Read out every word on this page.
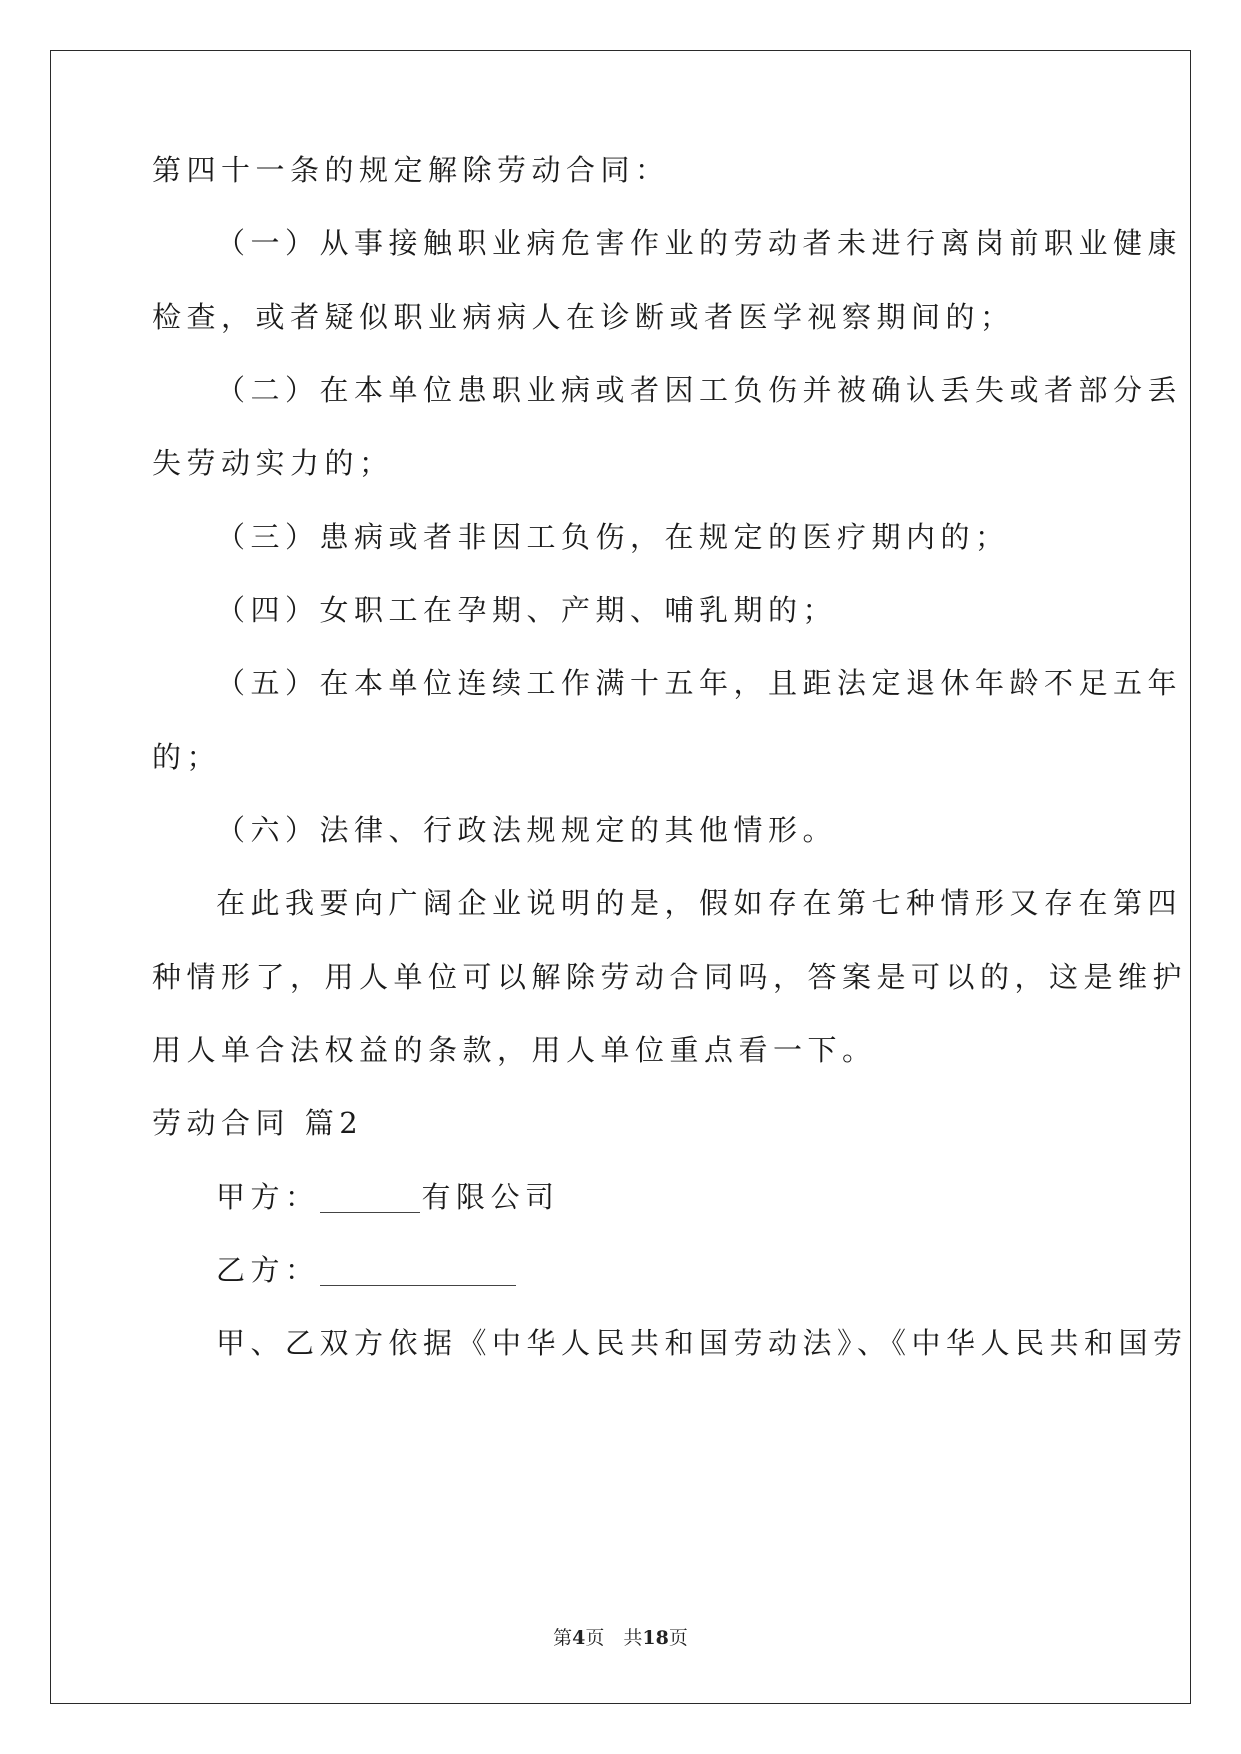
第四十一条的规定解除劳动合同：
（一）从事接触职业病危害作业的劳动者未进行离岗前职业健康
检查，或者疑似职业病病人在诊断或者医学视察期间的；
（二）在本单位患职业病或者因工负伤并被确认丢失或者部分丢
失劳动实力的；
（三）患病或者非因工负伤，在规定的医疗期内的；
（四）女职工在孕期、产期、哺乳期的；
（五）在本单位连续工作满十五年，且距法定退休年龄不足五年
的；
（六）法律、行政法规规定的其他情形。
在此我要向广阔企业说明的是，假如存在第七种情形又存在第四
种情形了，用人单位可以解除劳动合同吗，答案是可以的，这是维护
用人单合法权益的条款，用人单位重点看一下。
劳动合同 篇2
甲方：	有限公司
乙方：
甲、乙双方依据《中华人民共和国劳动法》、《中华人民共和国劳
第4页　共18页
